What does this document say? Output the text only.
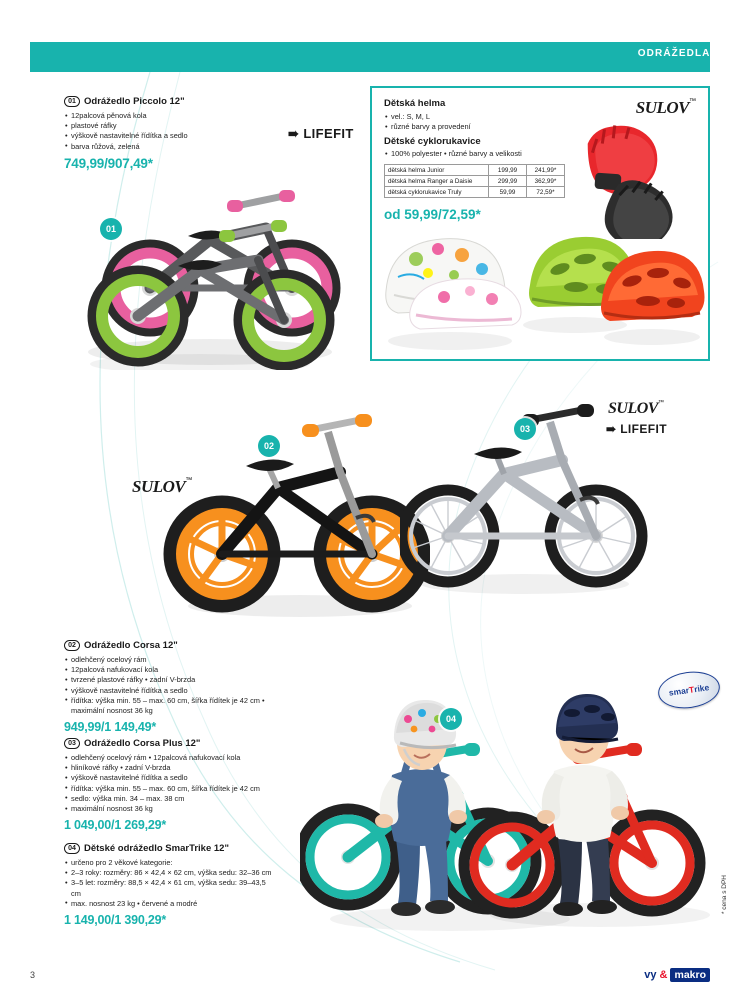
ODRÁŽEDLA  ▸
01 Odrážedlo Piccolo 12"
• 12palcová pěnová kola
• plastové ráfky
• výškově nastavitelné řídítka a sedlo
• barva růžová, zelená
749,99/907,49*
➠ LIFEFIT
01
SULOV™
Dětská helma
• vel.: S, M, L
• různé barvy a provedení
Dětské cyklorukavice
• 100% polyester • různé barvy a velikosti
dětská helma Junior	199,99	241,99*
dětská helma Ranger a Daisie	299,99	362,99*
dětská cyklorukavice Truly	59,99	72,59*
od 59,99/72,59*
02
SULOV™
03
SULOV™
➠ LIFEFIT
02 Odrážedlo Corsa 12"
• odlehčený ocelový rám
• 12palcová nafukovací kola
• tvrzené plastové ráfky • zadní V-brzda
• výškově nastavitelné řídítka a sedlo
• řídítka: výška min. 55 – max. 60 cm, šířka řídítek je 42 cm • maximální nosnost 36 kg
949,99/1 149,49*
03 Odrážedlo Corsa Plus 12"
• odlehčený ocelový rám • 12palcová nafukovací kola
• hliníkové ráfky • zadní V-brzda
• výškově nastavitelné řídítka a sedlo
• řídítka: výška min. 55 – max. 60 cm, šířka řídítek je 42 cm
• sedlo: výška min. 34 – max. 38 cm
• maximální nosnost 36 kg
1 049,00/1 269,29*
04 Dětské odrážedlo SmarTrike 12"
• určeno pro 2 věkové kategorie:
• 2–3 roky: rozměry: 86 × 42,4 × 62 cm, výška sedu: 32–36 cm
• 3–5 let: rozměry: 88,5 × 42,4 × 61 cm, výška sedu: 39–43,5 cm
• max. nosnost 23 kg • červené a modré
1 149,00/1 390,29*
04
smar
T
rike
3
* cena s DPH
vy & makro
